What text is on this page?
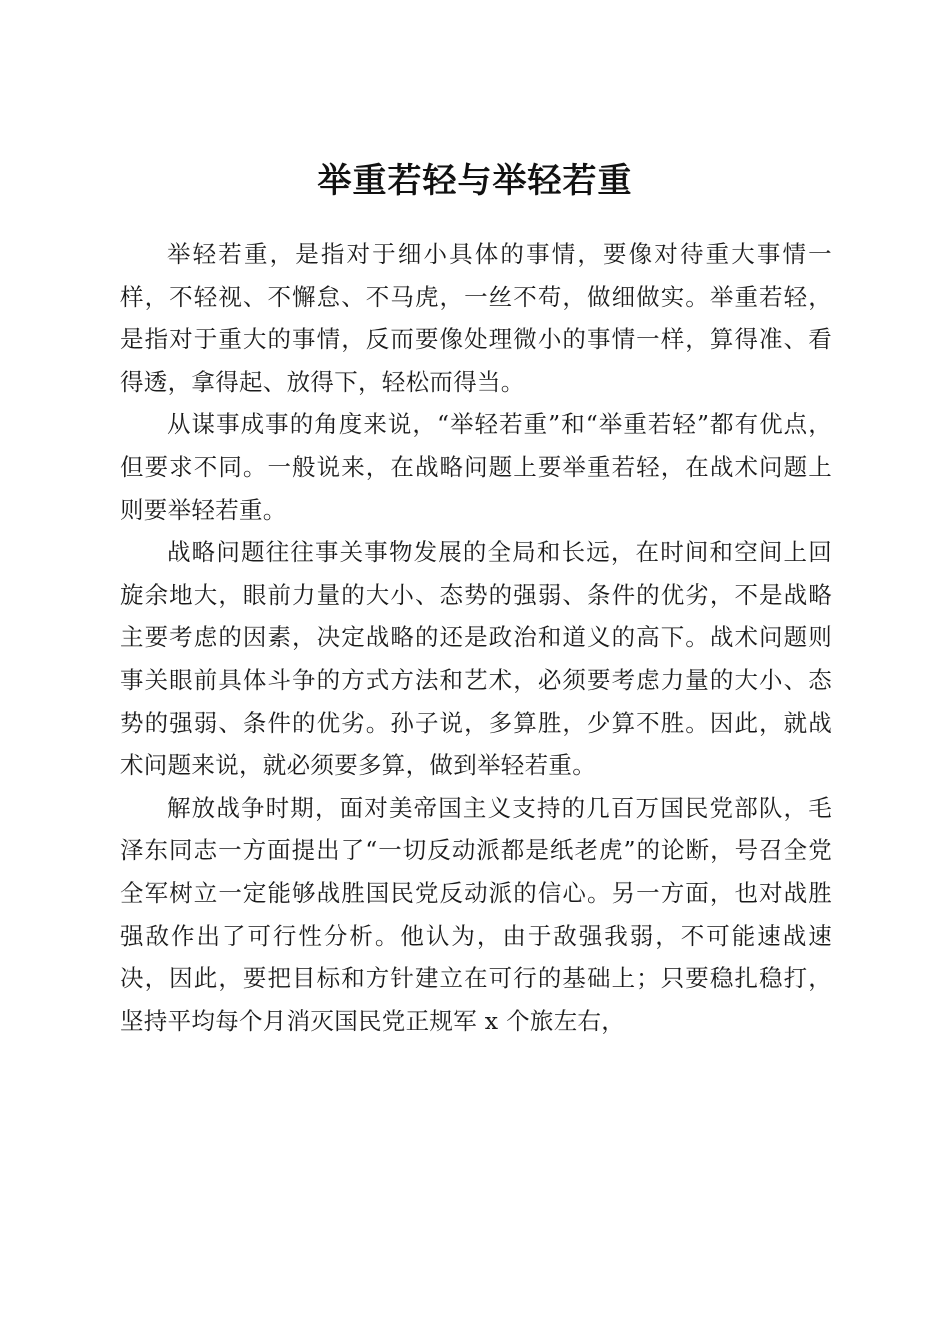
举重若轻与举轻若重

举轻若重，是指对于细小具体的事情，要像对待重大事情一样，不轻视、不懈怠、不马虎，一丝不苟，做细做实。举重若轻，是指对于重大的事情，反而要像处理微小的事情一样，算得准、看得透，拿得起、放得下，轻松而得当。

从谋事成事的角度来说，“举轻若重”和“举重若轻”都有优点，但要求不同。一般说来，在战略问题上要举重若轻，在战术问题上则要举轻若重。

战略问题往往事关事物发展的全局和长远，在时间和空间上回旋余地大，眼前力量的大小、态势的强弱、条件的优劣，不是战略主要考虑的因素，决定战略的还是政治和道义的高下。战术问题则事关眼前具体斗争的方式方法和艺术，必须要考虑力量的大小、态势的强弱、条件的优劣。孙子说，多算胜，少算不胜。因此，就战术问题来说，就必须要多算，做到举轻若重。

解放战争时期，面对美帝国主义支持的几百万国民党部队，毛泽东同志一方面提出了“一切反动派都是纸老虎”的论断，号召全党全军树立一定能够战胜国民党反动派的信心。另一方面，也对战胜强敌作出了可行性分析。他认为，由于敌强我弱，不可能速战速决，因此，要把目标和方针建立在可行的基础上；只要稳扎稳打，坚持平均每个月消灭国民党正规军 x 个旅左右，
